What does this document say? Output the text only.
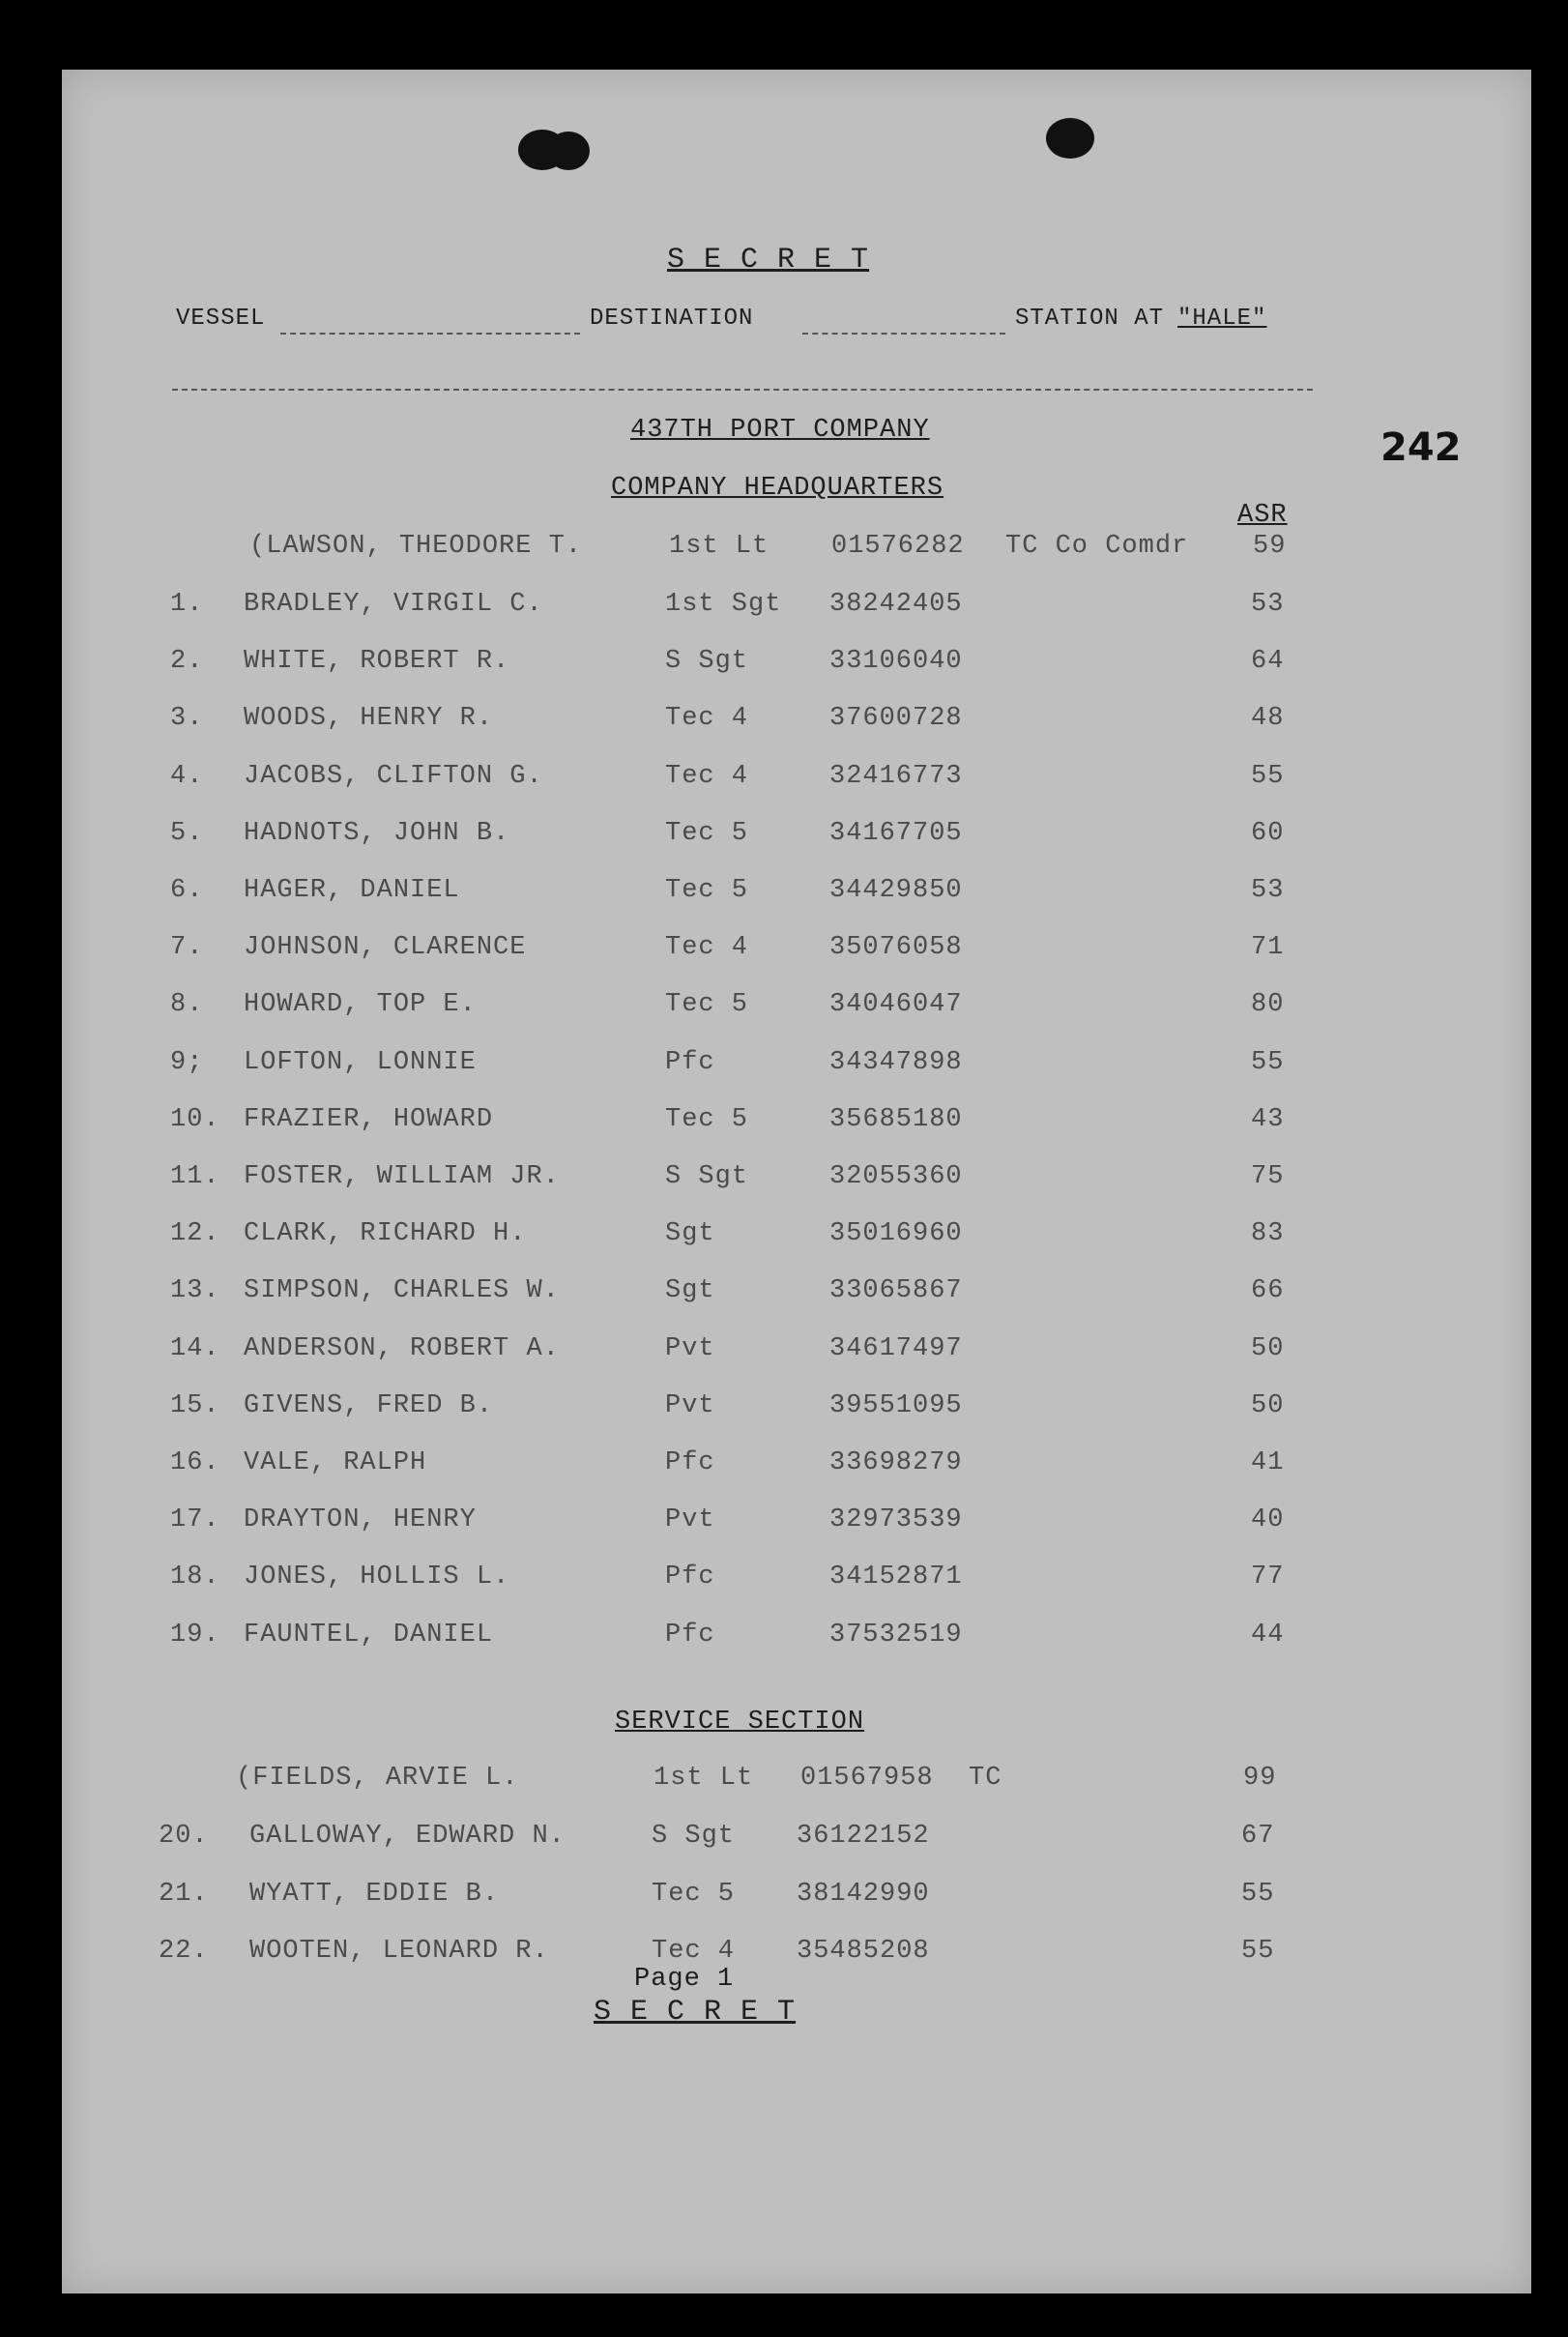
S E C R E T
VESSEL	DESTINATION	STATION AT "HALE"
437TH PORT COMPANY
COMPANY HEADQUARTERS
ASR
242
(LAWSON, THEODORE T.	1st Lt 01576282 TC Co Comdr 59
1. BRADLEY, VIRGIL C.	1st Sgt 38242405	53
2. WHITE, ROBERT R.	S Sgt	33106040	64
3. WOODS, HENRY R.	Tec 4	37600728	48
4. JACOBS, CLIFTON G.	Tec 4	32416773	55
5. HADNOTS, JOHN B.	Tec 5	34167705	60
6. HAGER, DANIEL	Tec 5	34429850	53
7. JOHNSON, CLARENCE	Tec 4	35076058	71
8. HOWARD, TOP E.	Tec 5	34046047	80
9; LOFTON, LONNIE	Pfc	34347898	55
10. FRAZIER, HOWARD	Tec 5	35685180	43
11. FOSTER, WILLIAM JR.	S Sgt	32055360	75
12. CLARK, RICHARD H.	Sgt	35016960	83
13. SIMPSON, CHARLES W.	Sgt	33065867	66
14. ANDERSON, ROBERT A.	Pvt	34617497	50
15. GIVENS, FRED B.	Pvt	39551095	50
16. VALE, RALPH	Pfc	33698279	41
17. DRAYTON, HENRY	Pvt	32973539	40
18. JONES, HOLLIS L.	Pfc	34152871	77
19. FAUNTEL, DANIEL	Pfc	37532519	44
SERVICE SECTION
(FIELDS, ARVIE L.	1st Lt 01567958 TC	99
20. GALLOWAY, EDWARD N.	S Sgt 36122152	67
21. WYATT, EDDIE B.	Tec 5 38142990	55
22. WOOTEN, LEONARD R.	Tec 4 35485208	55
Page 1
S E C R E T
